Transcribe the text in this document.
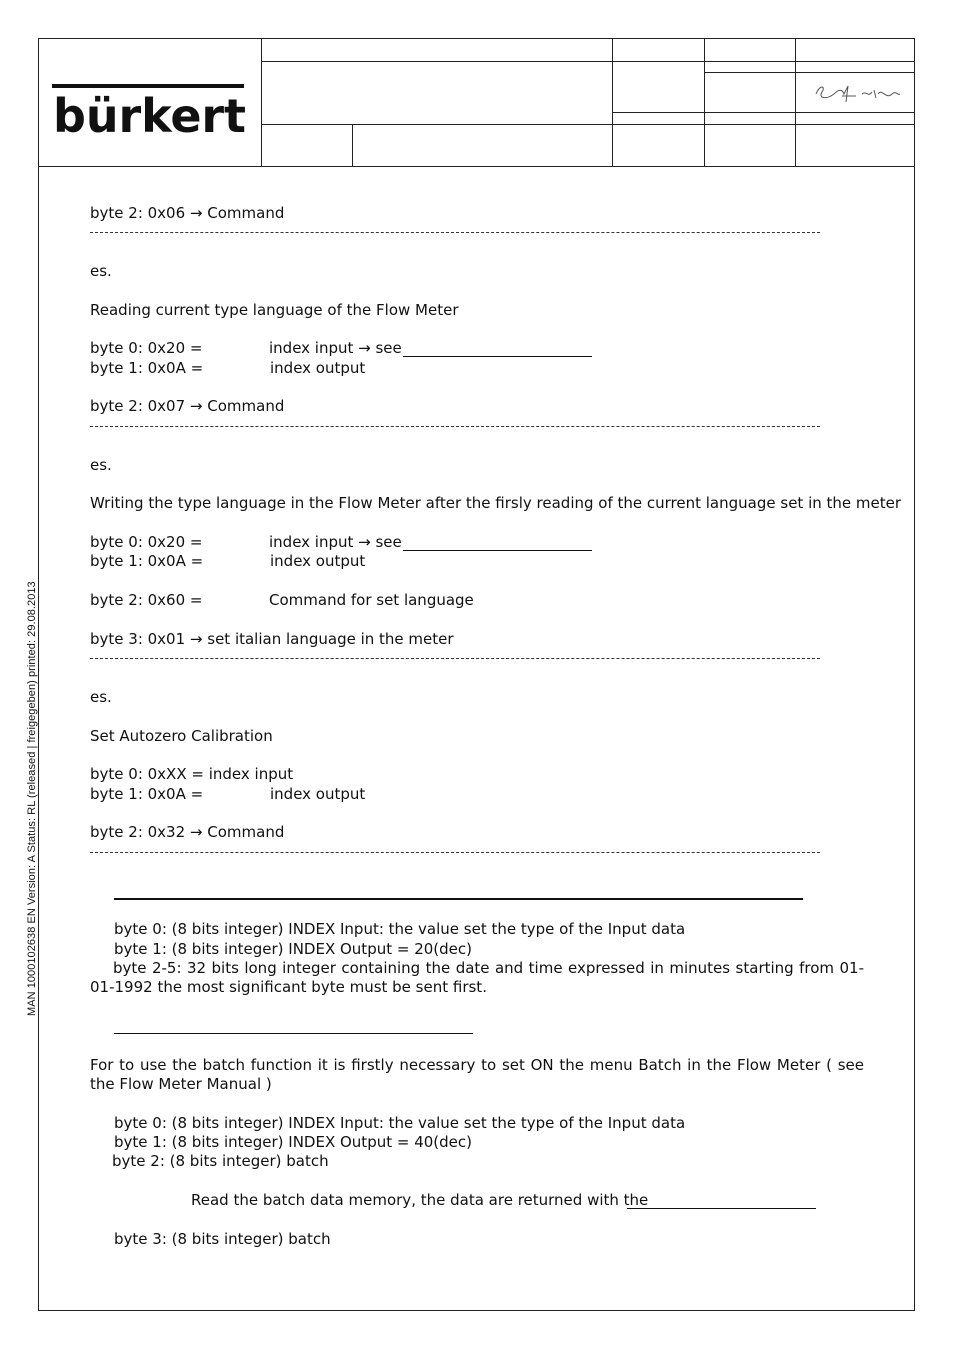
bürkert
MAN 1000102638 EN Version: A Status: RL (released | freigegeben) printed: 29.08.2013
byte 2: 0x06 → Command
es.
Reading current type language of the Flow Meter
byte 0: 0x20 =	index input → see
byte 1: 0x0A =	index output
byte 2: 0x07 → Command
es.
Writing the type language in the Flow Meter after the firsly reading of the current language set in the meter
byte 0: 0x20 =	index input → see
byte 1: 0x0A =	index output
byte 2: 0x60 =	Command for set language
byte 3: 0x01 → set italian language in the meter
es.
Set Autozero Calibration
byte 0: 0xXX = index input
byte 1: 0x0A =	index output
byte 2: 0x32 → Command
byte 0: (8 bits integer) INDEX Input: the value set the type of the Input data
byte 1: (8 bits integer) INDEX Output = 20(dec)
byte 2-5: 32 bits long integer containing the date and time expressed in minutes starting from 01-01-1992 the most significant byte must be sent first.
For to use the batch function it is firstly necessary to set ON the menu Batch in the Flow Meter ( see the Flow Meter Manual )
byte 0: (8 bits integer) INDEX Input: the value set the type of the Input data
byte 1: (8 bits integer) INDEX Output = 40(dec)
byte 2: (8 bits integer) batch
Read the batch data memory, the data are returned with the
byte 3: (8 bits integer) batch
